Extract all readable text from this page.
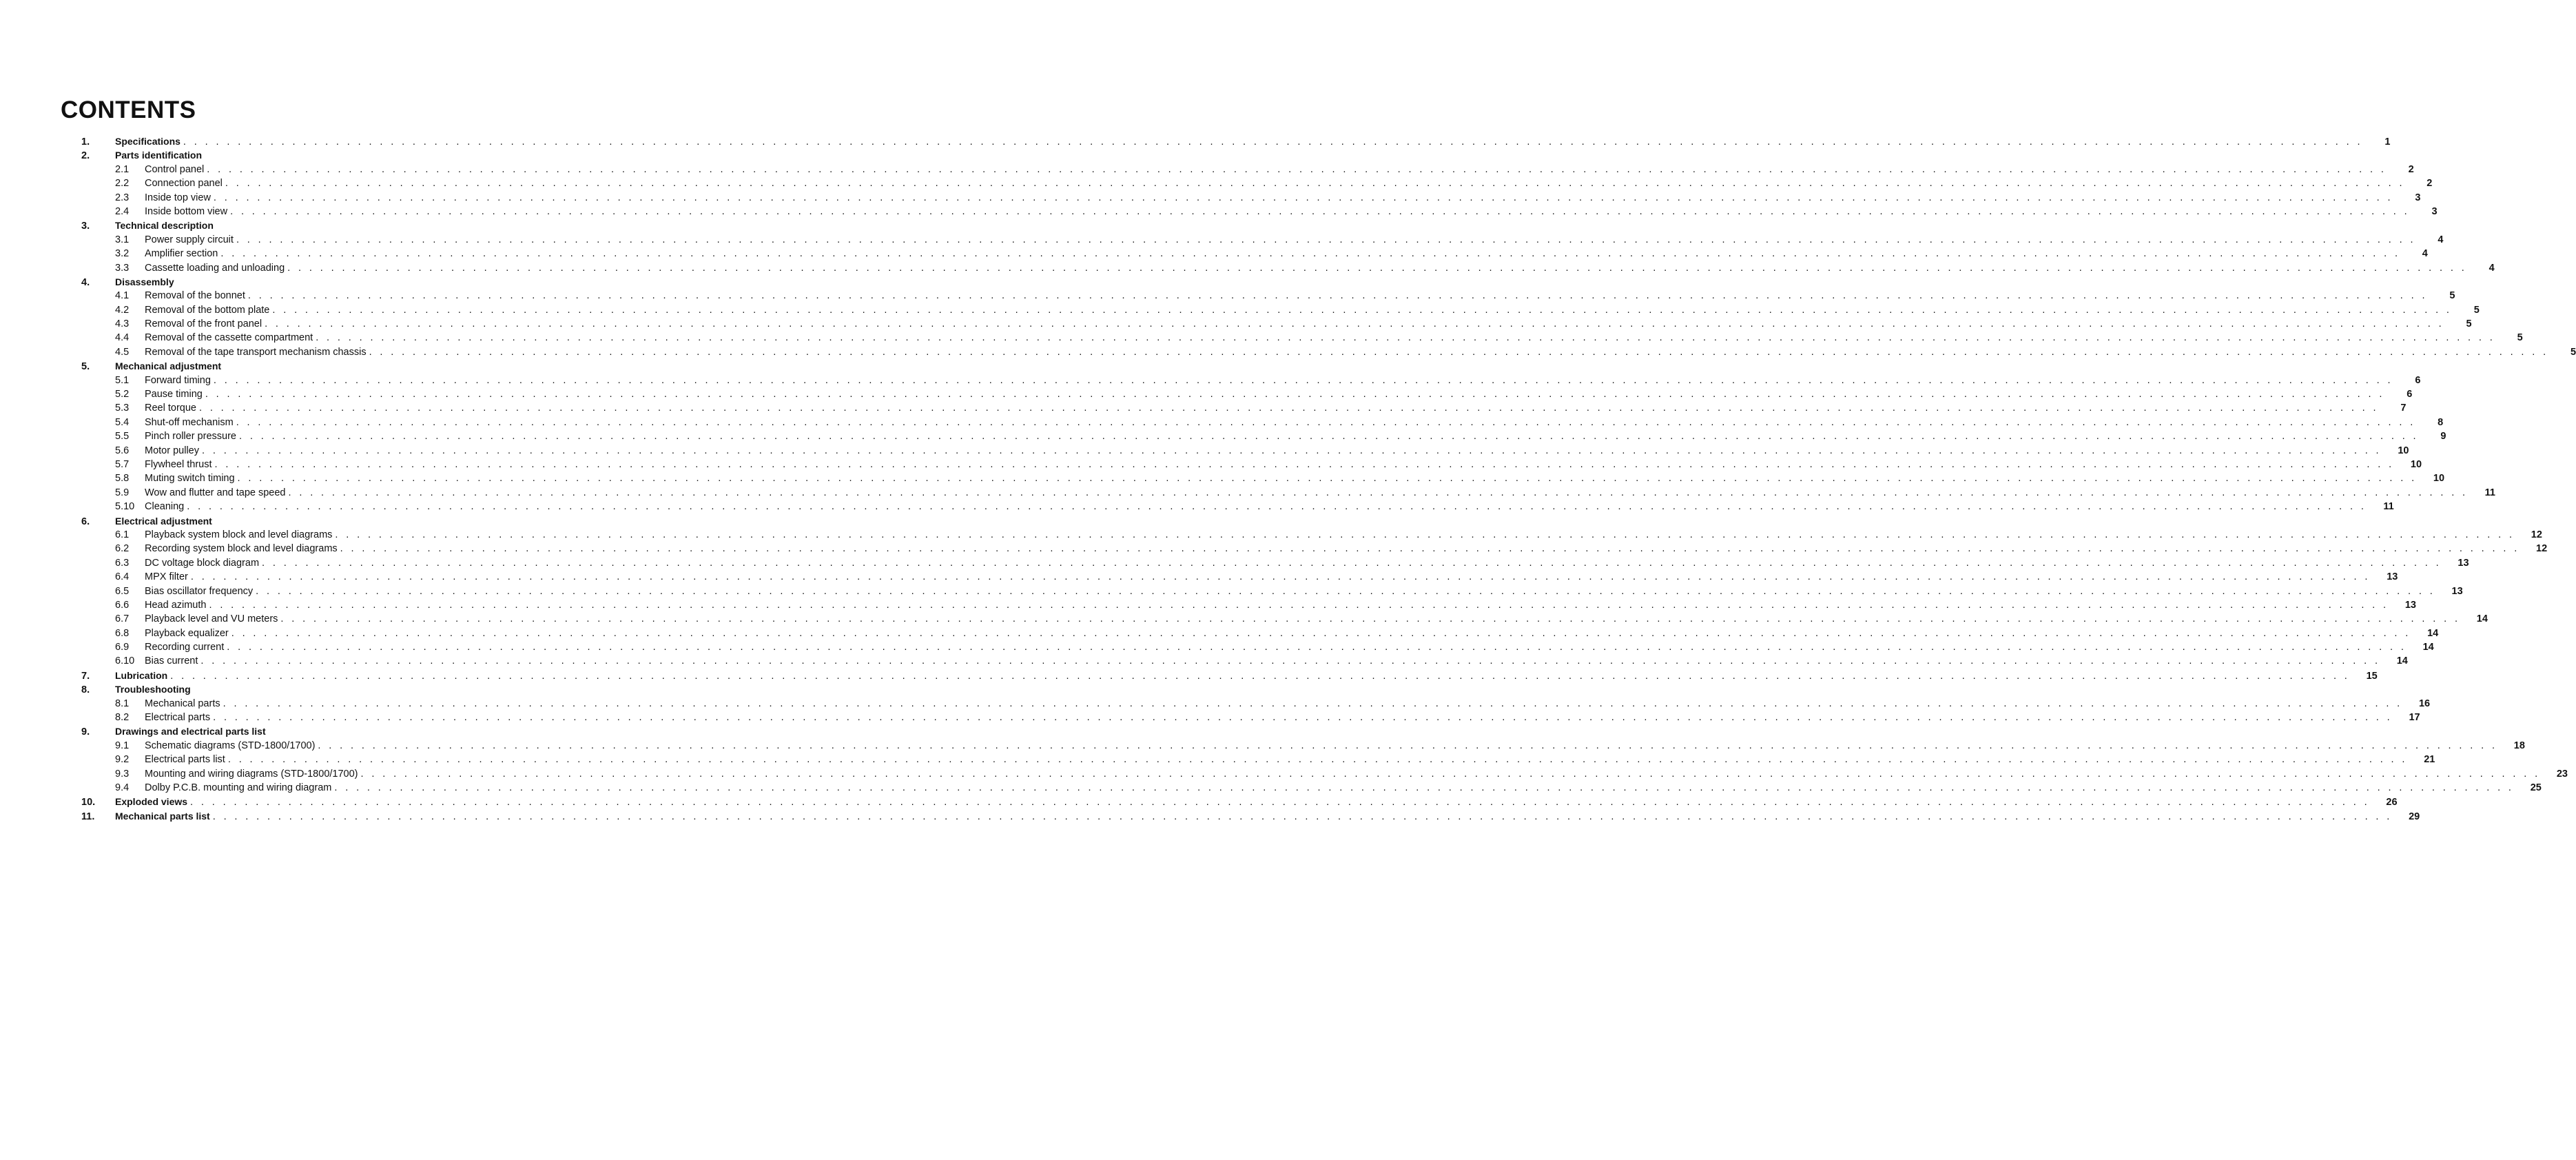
CONTENTS
1.	Specifications . . . . . . . . . . . . . . . . . . . . . . . . . . . . . . . . . . . . . . . . . . . . . . . . . . . . . . . . . . . . . . . . . . . . . . . . . . . . . . . . . . . . . . . . . . . . . . . . . . . . . . . . . . . . . . . . . . . . . . . . . . . . . . . . . . . . . . . . . . . . . . . . . . . . . . . . . . . . . . . . . . . . . . . . . . . . . . . . . . . . . . . . . . . . . . . . . . . . . . . .	1
2.	Parts identification
2.1	Control panel . . . . . . . . . . . . . . . . . . . . . . . . . . . . . . . . . . . . . . . . . . . . . . . . . . . . . . . . . . . . . . . . . . . . . . . . . . . . . . . . . . . . . . . . . . . . . . . . . . . . . . . . . . . . . . . . . . . . . . . . . . . . . . . . . . . . . . . . . . . . . . . . . . . . . . . . . . . . . . . . . . . . . . . . . . . . . . . . . . . . . . . . . . . . . . . . . . . . . . . .	2
2.2	Connection panel . . . . . . . . . . . . . . . . . . . . . . . . . . . . . . . . . . . . . . . . . . . . . . . . . . . . . . . . . . . . . . . . . . . . . . . . . . . . . . . . . . . . . . . . . . . . . . . . . . . . . . . . . . . . . . . . . . . . . . . . . . . . . . . . . . . . . . . . . . . . . . . . . . . . . . . . . . . . . . . . . . . . . . . . . . . . . . . . . . . . . . . . . . . . . . . . . . . . . . . .	2
2.3	Inside top view . . . . . . . . . . . . . . . . . . . . . . . . . . . . . . . . . . . . . . . . . . . . . . . . . . . . . . . . . . . . . . . . . . . . . . . . . . . . . . . . . . . . . . . . . . . . . . . . . . . . . . . . . . . . . . . . . . . . . . . . . . . . . . . . . . . . . . . . . . . . . . . . . . . . . . . . . . . . . . . . . . . . . . . . . . . . . . . . . . . . . . . . . . . . . . . . . . . . . . . .	3
2.4	Inside bottom view . . . . . . . . . . . . . . . . . . . . . . . . . . . . . . . . . . . . . . . . . . . . . . . . . . . . . . . . . . . . . . . . . . . . . . . . . . . . . . . . . . . . . . . . . . . . . . . . . . . . . . . . . . . . . . . . . . . . . . . . . . . . . . . . . . . . . . . . . . . . . . . . . . . . . . . . . . . . . . . . . . . . . . . . . . . . . . . . . . . . . . . . . . . . . . . . . . . . . . . .	3
3.	Technical description
3.1	Power supply circuit . . . . . . . . . . . . . . . . . . . . . . . . . . . . . . . . . . . . . . . . . . . . . . . . . . . . . . . . . . . . . . . . . . . . . . . . . . . . . . . . . . . . . . . . . . . . . . . . . . . . . . . . . . . . . . . . . . . . . . . . . . . . . . . . . . . . . . . . . . . . . . . . . . . . . . . . . . . . . . . . . . . . . . . . . . . . . . . . . . . . . . . . . . . . . . . . . . . . . . . .	4
3.2	Amplifier section . . . . . . . . . . . . . . . . . . . . . . . . . . . . . . . . . . . . . . . . . . . . . . . . . . . . . . . . . . . . . . . . . . . . . . . . . . . . . . . . . . . . . . . . . . . . . . . . . . . . . . . . . . . . . . . . . . . . . . . . . . . . . . . . . . . . . . . . . . . . . . . . . . . . . . . . . . . . . . . . . . . . . . . . . . . . . . . . . . . . . . . . . . . . . . . . . . . . . . . .	4
3.3	Cassette loading and unloading . . . . . . . . . . . . . . . . . . . . . . . . . . . . . . . . . . . . . . . . . . . . . . . . . . . . . . . . . . . . . . . . . . . . . . . . . . . . . . . . . . . . . . . . . . . . . . . . . . . . . . . . . . . . . . . . . . . . . . . . . . . . . . . . . . . . . . . . . . . . . . . . . . . . . . . . . . . . . . . . . . . . . . . . . . . . . . . . . . . . . . . . . . . . . . . . . . . . . . . .	4
4.	Disassembly
4.1	Removal of the bonnet . . . . . . . . . . . . . . . . . . . . . . . . . . . . . . . . . . . . . . . . . . . . . . . . . . . . . . . . . . . . . . . . . . . . . . . . . . . . . . . . . . . . . . . . . . . . . . . . . . . . . . . . . . . . . . . . . . . . . . . . . . . . . . . . . . . . . . . . . . . . . . . . . . . . . . . . . . . . . . . . . . . . . . . . . . . . . . . . . . . . . . . . . . . . . . . . . . . . . . . .	5
4.2	Removal of the bottom plate . . . . . . . . . . . . . . . . . . . . . . . . . . . . . . . . . . . . . . . . . . . . . . . . . . . . . . . . . . . . . . . . . . . . . . . . . . . . . . . . . . . . . . . . . . . . . . . . . . . . . . . . . . . . . . . . . . . . . . . . . . . . . . . . . . . . . . . . . . . . . . . . . . . . . . . . . . . . . . . . . . . . . . . . . . . . . . . . . . . . . . . . . . . . . . . . . . . . . . . .	5
4.3	Removal of the front panel . . . . . . . . . . . . . . . . . . . . . . . . . . . . . . . . . . . . . . . . . . . . . . . . . . . . . . . . . . . . . . . . . . . . . . . . . . . . . . . . . . . . . . . . . . . . . . . . . . . . . . . . . . . . . . . . . . . . . . . . . . . . . . . . . . . . . . . . . . . . . . . . . . . . . . . . . . . . . . . . . . . . . . . . . . . . . . . . . . . . . . . . . . . . . . . . . . . . . . . .	5
4.4	Removal of the cassette compartment . . . . . . . . . . . . . . . . . . . . . . . . . . . . . . . . . . . . . . . . . . . . . . . . . . . . . . . . . . . . . . . . . . . . . . . . . . . . . . . . . . . . . . . . . . . . . . . . . . . . . . . . . . . . . . . . . . . . . . . . . . . . . . . . . . . . . . . . . . . . . . . . . . . . . . . . . . . . . . . . . . . . . . . . . . . . . . . . . . . . . . . . . . . . . . . . . . . . . . . .	5
4.5	Removal of the tape transport mechanism chassis . . . . . . . . . . . . . . . . . . . . . . . . . . . . . . . . . . . . . . . . . . . . . . . . . . . . . . . . . . . . . . . . . . . . . . . . . . . . . . . . . . . . . . . . . . . . . . . . . . . . . . . . . . . . . . . . . . . . . . . . . . . . . . . . . . . . . . . . . . . . . . . . . . . . . . . . . . . . . . . . . . . . . . . . . . . . . . . . . . . . . . . . . . . . . . . . . . . . . . . .	5
5.	Mechanical adjustment
5.1	Forward timing . . . . . . . . . . . . . . . . . . . . . . . . . . . . . . . . . . . . . . . . . . . . . . . . . . . . . . . . . . . . . . . . . . . . . . . . . . . . . . . . . . . . . . . . . . . . . . . . . . . . . . . . . . . . . . . . . . . . . . . . . . . . . . . . . . . . . . . . . . . . . . . . . . . . . . . . . . . . . . . . . . . . . . . . . . . . . . . . . . . . . . . . . . . . . . . . . . . . . . . .	6
5.2	Pause timing . . . . . . . . . . . . . . . . . . . . . . . . . . . . . . . . . . . . . . . . . . . . . . . . . . . . . . . . . . . . . . . . . . . . . . . . . . . . . . . . . . . . . . . . . . . . . . . . . . . . . . . . . . . . . . . . . . . . . . . . . . . . . . . . . . . . . . . . . . . . . . . . . . . . . . . . . . . . . . . . . . . . . . . . . . . . . . . . . . . . . . . . . . . . . . . . . . . . . . . .	6
5.3	Reel torque . . . . . . . . . . . . . . . . . . . . . . . . . . . . . . . . . . . . . . . . . . . . . . . . . . . . . . . . . . . . . . . . . . . . . . . . . . . . . . . . . . . . . . . . . . . . . . . . . . . . . . . . . . . . . . . . . . . . . . . . . . . . . . . . . . . . . . . . . . . . . . . . . . . . . . . . . . . . . . . . . . . . . . . . . . . . . . . . . . . . . . . . . . . . . . . . . . . . . . . .	7
5.4	Shut-off mechanism . . . . . . . . . . . . . . . . . . . . . . . . . . . . . . . . . . . . . . . . . . . . . . . . . . . . . . . . . . . . . . . . . . . . . . . . . . . . . . . . . . . . . . . . . . . . . . . . . . . . . . . . . . . . . . . . . . . . . . . . . . . . . . . . . . . . . . . . . . . . . . . . . . . . . . . . . . . . . . . . . . . . . . . . . . . . . . . . . . . . . . . . . . . . . . . . . . . . . . . .	8
5.5	Pinch roller pressure . . . . . . . . . . . . . . . . . . . . . . . . . . . . . . . . . . . . . . . . . . . . . . . . . . . . . . . . . . . . . . . . . . . . . . . . . . . . . . . . . . . . . . . . . . . . . . . . . . . . . . . . . . . . . . . . . . . . . . . . . . . . . . . . . . . . . . . . . . . . . . . . . . . . . . . . . . . . . . . . . . . . . . . . . . . . . . . . . . . . . . . . . . . . . . . . . . . . . . . .	9
5.6	Motor pulley . . . . . . . . . . . . . . . . . . . . . . . . . . . . . . . . . . . . . . . . . . . . . . . . . . . . . . . . . . . . . . . . . . . . . . . . . . . . . . . . . . . . . . . . . . . . . . . . . . . . . . . . . . . . . . . . . . . . . . . . . . . . . . . . . . . . . . . . . . . . . . . . . . . . . . . . . . . . . . . . . . . . . . . . . . . . . . . . . . . . . . . . . . . . . . . . . . . . . . . .	10
5.7	Flywheel thrust . . . . . . . . . . . . . . . . . . . . . . . . . . . . . . . . . . . . . . . . . . . . . . . . . . . . . . . . . . . . . . . . . . . . . . . . . . . . . . . . . . . . . . . . . . . . . . . . . . . . . . . . . . . . . . . . . . . . . . . . . . . . . . . . . . . . . . . . . . . . . . . . . . . . . . . . . . . . . . . . . . . . . . . . . . . . . . . . . . . . . . . . . . . . . . . . . . . . . . . .	10
5.8	Muting switch timing . . . . . . . . . . . . . . . . . . . . . . . . . . . . . . . . . . . . . . . . . . . . . . . . . . . . . . . . . . . . . . . . . . . . . . . . . . . . . . . . . . . . . . . . . . . . . . . . . . . . . . . . . . . . . . . . . . . . . . . . . . . . . . . . . . . . . . . . . . . . . . . . . . . . . . . . . . . . . . . . . . . . . . . . . . . . . . . . . . . . . . . . . . . . . . . . . . . . . . . .	10
5.9	Wow and flutter and tape speed . . . . . . . . . . . . . . . . . . . . . . . . . . . . . . . . . . . . . . . . . . . . . . . . . . . . . . . . . . . . . . . . . . . . . . . . . . . . . . . . . . . . . . . . . . . . . . . . . . . . . . . . . . . . . . . . . . . . . . . . . . . . . . . . . . . . . . . . . . . . . . . . . . . . . . . . . . . . . . . . . . . . . . . . . . . . . . . . . . . . . . . . . . . . . . . . . . . . . . . .	11
5.10	Cleaning . . . . . . . . . . . . . . . . . . . . . . . . . . . . . . . . . . . . . . . . . . . . . . . . . . . . . . . . . . . . . . . . . . . . . . . . . . . . . . . . . . . . . . . . . . . . . . . . . . . . . . . . . . . . . . . . . . . . . . . . . . . . . . . . . . . . . . . . . . . . . . . . . . . . . . . . . . . . . . . . . . . . . . . . . . . . . . . . . . . . . . . . . . . . . . . . . . . . . . . .	11
6.	Electrical adjustment
6.1	Playback system block and level diagrams . . . . . . . . . . . . . . . . . . . . . . . . . . . . . . . . . . . . . . . . . . . . . . . . . . . . . . . . . . . . . . . . . . . . . . . . . . . . . . . . . . . . . . . . . . . . . . . . . . . . . . . . . . . . . . . . . . . . . . . . . . . . . . . . . . . . . . . . . . . . . . . . . . . . . . . . . . . . . . . . . . . . . . . . . . . . . . . . . . . . . . . . . . . . . . . . . . . . . . . .	12
6.2	Recording system block and level diagrams . . . . . . . . . . . . . . . . . . . . . . . . . . . . . . . . . . . . . . . . . . . . . . . . . . . . . . . . . . . . . . . . . . . . . . . . . . . . . . . . . . . . . . . . . . . . . . . . . . . . . . . . . . . . . . . . . . . . . . . . . . . . . . . . . . . . . . . . . . . . . . . . . . . . . . . . . . . . . . . . . . . . . . . . . . . . . . . . . . . . . . . . . . . . . . . . . . . . . . . .	12
6.3	DC voltage block diagram . . . . . . . . . . . . . . . . . . . . . . . . . . . . . . . . . . . . . . . . . . . . . . . . . . . . . . . . . . . . . . . . . . . . . . . . . . . . . . . . . . . . . . . . . . . . . . . . . . . . . . . . . . . . . . . . . . . . . . . . . . . . . . . . . . . . . . . . . . . . . . . . . . . . . . . . . . . . . . . . . . . . . . . . . . . . . . . . . . . . . . . . . . . . . . . . . . . . . . . .	13
6.4	MPX filter . . . . . . . . . . . . . . . . . . . . . . . . . . . . . . . . . . . . . . . . . . . . . . . . . . . . . . . . . . . . . . . . . . . . . . . . . . . . . . . . . . . . . . . . . . . . . . . . . . . . . . . . . . . . . . . . . . . . . . . . . . . . . . . . . . . . . . . . . . . . . . . . . . . . . . . . . . . . . . . . . . . . . . . . . . . . . . . . . . . . . . . . . . . . . . . . . . . . . . . .	13
6.5	Bias oscillator frequency . . . . . . . . . . . . . . . . . . . . . . . . . . . . . . . . . . . . . . . . . . . . . . . . . . . . . . . . . . . . . . . . . . . . . . . . . . . . . . . . . . . . . . . . . . . . . . . . . . . . . . . . . . . . . . . . . . . . . . . . . . . . . . . . . . . . . . . . . . . . . . . . . . . . . . . . . . . . . . . . . . . . . . . . . . . . . . . . . . . . . . . . . . . . . . . . . . . . . . . .	13
6.6	Head azimuth . . . . . . . . . . . . . . . . . . . . . . . . . . . . . . . . . . . . . . . . . . . . . . . . . . . . . . . . . . . . . . . . . . . . . . . . . . . . . . . . . . . . . . . . . . . . . . . . . . . . . . . . . . . . . . . . . . . . . . . . . . . . . . . . . . . . . . . . . . . . . . . . . . . . . . . . . . . . . . . . . . . . . . . . . . . . . . . . . . . . . . . . . . . . . . . . . . . . . . . .	13
6.7	Playback level and VU meters . . . . . . . . . . . . . . . . . . . . . . . . . . . . . . . . . . . . . . . . . . . . . . . . . . . . . . . . . . . . . . . . . . . . . . . . . . . . . . . . . . . . . . . . . . . . . . . . . . . . . . . . . . . . . . . . . . . . . . . . . . . . . . . . . . . . . . . . . . . . . . . . . . . . . . . . . . . . . . . . . . . . . . . . . . . . . . . . . . . . . . . . . . . . . . . . . . . . . . . .	14
6.8	Playback equalizer . . . . . . . . . . . . . . . . . . . . . . . . . . . . . . . . . . . . . . . . . . . . . . . . . . . . . . . . . . . . . . . . . . . . . . . . . . . . . . . . . . . . . . . . . . . . . . . . . . . . . . . . . . . . . . . . . . . . . . . . . . . . . . . . . . . . . . . . . . . . . . . . . . . . . . . . . . . . . . . . . . . . . . . . . . . . . . . . . . . . . . . . . . . . . . . . . . . . . . . .	14
6.9	Recording current . . . . . . . . . . . . . . . . . . . . . . . . . . . . . . . . . . . . . . . . . . . . . . . . . . . . . . . . . . . . . . . . . . . . . . . . . . . . . . . . . . . . . . . . . . . . . . . . . . . . . . . . . . . . . . . . . . . . . . . . . . . . . . . . . . . . . . . . . . . . . . . . . . . . . . . . . . . . . . . . . . . . . . . . . . . . . . . . . . . . . . . . . . . . . . . . . . . . . . . .	14
6.10	Bias current . . . . . . . . . . . . . . . . . . . . . . . . . . . . . . . . . . . . . . . . . . . . . . . . . . . . . . . . . . . . . . . . . . . . . . . . . . . . . . . . . . . . . . . . . . . . . . . . . . . . . . . . . . . . . . . . . . . . . . . . . . . . . . . . . . . . . . . . . . . . . . . . . . . . . . . . . . . . . . . . . . . . . . . . . . . . . . . . . . . . . . . . . . . . . . . . . . . . . . . .	14
7.	Lubrication . . . . . . . . . . . . . . . . . . . . . . . . . . . . . . . . . . . . . . . . . . . . . . . . . . . . . . . . . . . . . . . . . . . . . . . . . . . . . . . . . . . . . . . . . . . . . . . . . . . . . . . . . . . . . . . . . . . . . . . . . . . . . . . . . . . . . . . . . . . . . . . . . . . . . . . . . . . . . . . . . . . . . . . . . . . . . . . . . . . . . . . . . . . . . . . . . . . . . . . .	15
8.	Troubleshooting
8.1	Mechanical parts . . . . . . . . . . . . . . . . . . . . . . . . . . . . . . . . . . . . . . . . . . . . . . . . . . . . . . . . . . . . . . . . . . . . . . . . . . . . . . . . . . . . . . . . . . . . . . . . . . . . . . . . . . . . . . . . . . . . . . . . . . . . . . . . . . . . . . . . . . . . . . . . . . . . . . . . . . . . . . . . . . . . . . . . . . . . . . . . . . . . . . . . . . . . . . . . . . . . . . . .	16
8.2	Electrical parts . . . . . . . . . . . . . . . . . . . . . . . . . . . . . . . . . . . . . . . . . . . . . . . . . . . . . . . . . . . . . . . . . . . . . . . . . . . . . . . . . . . . . . . . . . . . . . . . . . . . . . . . . . . . . . . . . . . . . . . . . . . . . . . . . . . . . . . . . . . . . . . . . . . . . . . . . . . . . . . . . . . . . . . . . . . . . . . . . . . . . . . . . . . . . . . . . . . . . . . .	17
9.	Drawings and electrical parts list
9.1	Schematic diagrams (STD-1800/1700) . . . . . . . . . . . . . . . . . . . . . . . . . . . . . . . . . . . . . . . . . . . . . . . . . . . . . . . . . . . . . . . . . . . . . . . . . . . . . . . . . . . . . . . . . . . . . . . . . . . . . . . . . . . . . . . . . . . . . . . . . . . . . . . . . . . . . . . . . . . . . . . . . . . . . . . . . . . . . . . . . . . . . . . . . . . . . . . . . . . . . . . . . . . . . . . . . . . . . . . .	18
9.2	Electrical parts list . . . . . . . . . . . . . . . . . . . . . . . . . . . . . . . . . . . . . . . . . . . . . . . . . . . . . . . . . . . . . . . . . . . . . . . . . . . . . . . . . . . . . . . . . . . . . . . . . . . . . . . . . . . . . . . . . . . . . . . . . . . . . . . . . . . . . . . . . . . . . . . . . . . . . . . . . . . . . . . . . . . . . . . . . . . . . . . . . . . . . . . . . . . . . . . . . . . . . . . .	21
9.3	Mounting and wiring diagrams (STD-1800/1700) . . . . . . . . . . . . . . . . . . . . . . . . . . . . . . . . . . . . . . . . . . . . . . . . . . . . . . . . . . . . . . . . . . . . . . . . . . . . . . . . . . . . . . . . . . . . . . . . . . . . . . . . . . . . . . . . . . . . . . . . . . . . . . . . . . . . . . . . . . . . . . . . . . . . . . . . . . . . . . . . . . . . . . . . . . . . . . . . . . . . . . . . . . . . . . . . . . . . . . . .	23
9.4	Dolby P.C.B. mounting and wiring diagram . . . . . . . . . . . . . . . . . . . . . . . . . . . . . . . . . . . . . . . . . . . . . . . . . . . . . . . . . . . . . . . . . . . . . . . . . . . . . . . . . . . . . . . . . . . . . . . . . . . . . . . . . . . . . . . . . . . . . . . . . . . . . . . . . . . . . . . . . . . . . . . . . . . . . . . . . . . . . . . . . . . . . . . . . . . . . . . . . . . . . . . . . . . . . . . . . . . . . . . .	25
10.	Exploded views . . . . . . . . . . . . . . . . . . . . . . . . . . . . . . . . . . . . . . . . . . . . . . . . . . . . . . . . . . . . . . . . . . . . . . . . . . . . . . . . . . . . . . . . . . . . . . . . . . . . . . . . . . . . . . . . . . . . . . . . . . . . . . . . . . . . . . . . . . . . . . . . . . . . . . . . . . . . . . . . . . . . . . . . . . . . . . . . . . . . . . . . . . . . . . . . . . . . . . . .	26
11.	Mechanical parts list . . . . . . . . . . . . . . . . . . . . . . . . . . . . . . . . . . . . . . . . . . . . . . . . . . . . . . . . . . . . . . . . . . . . . . . . . . . . . . . . . . . . . . . . . . . . . . . . . . . . . . . . . . . . . . . . . . . . . . . . . . . . . . . . . . . . . . . . . . . . . . . . . . . . . . . . . . . . . . . . . . . . . . . . . . . . . . . . . . . . . . . . . . . . . . . . . . . . . . . .	29
